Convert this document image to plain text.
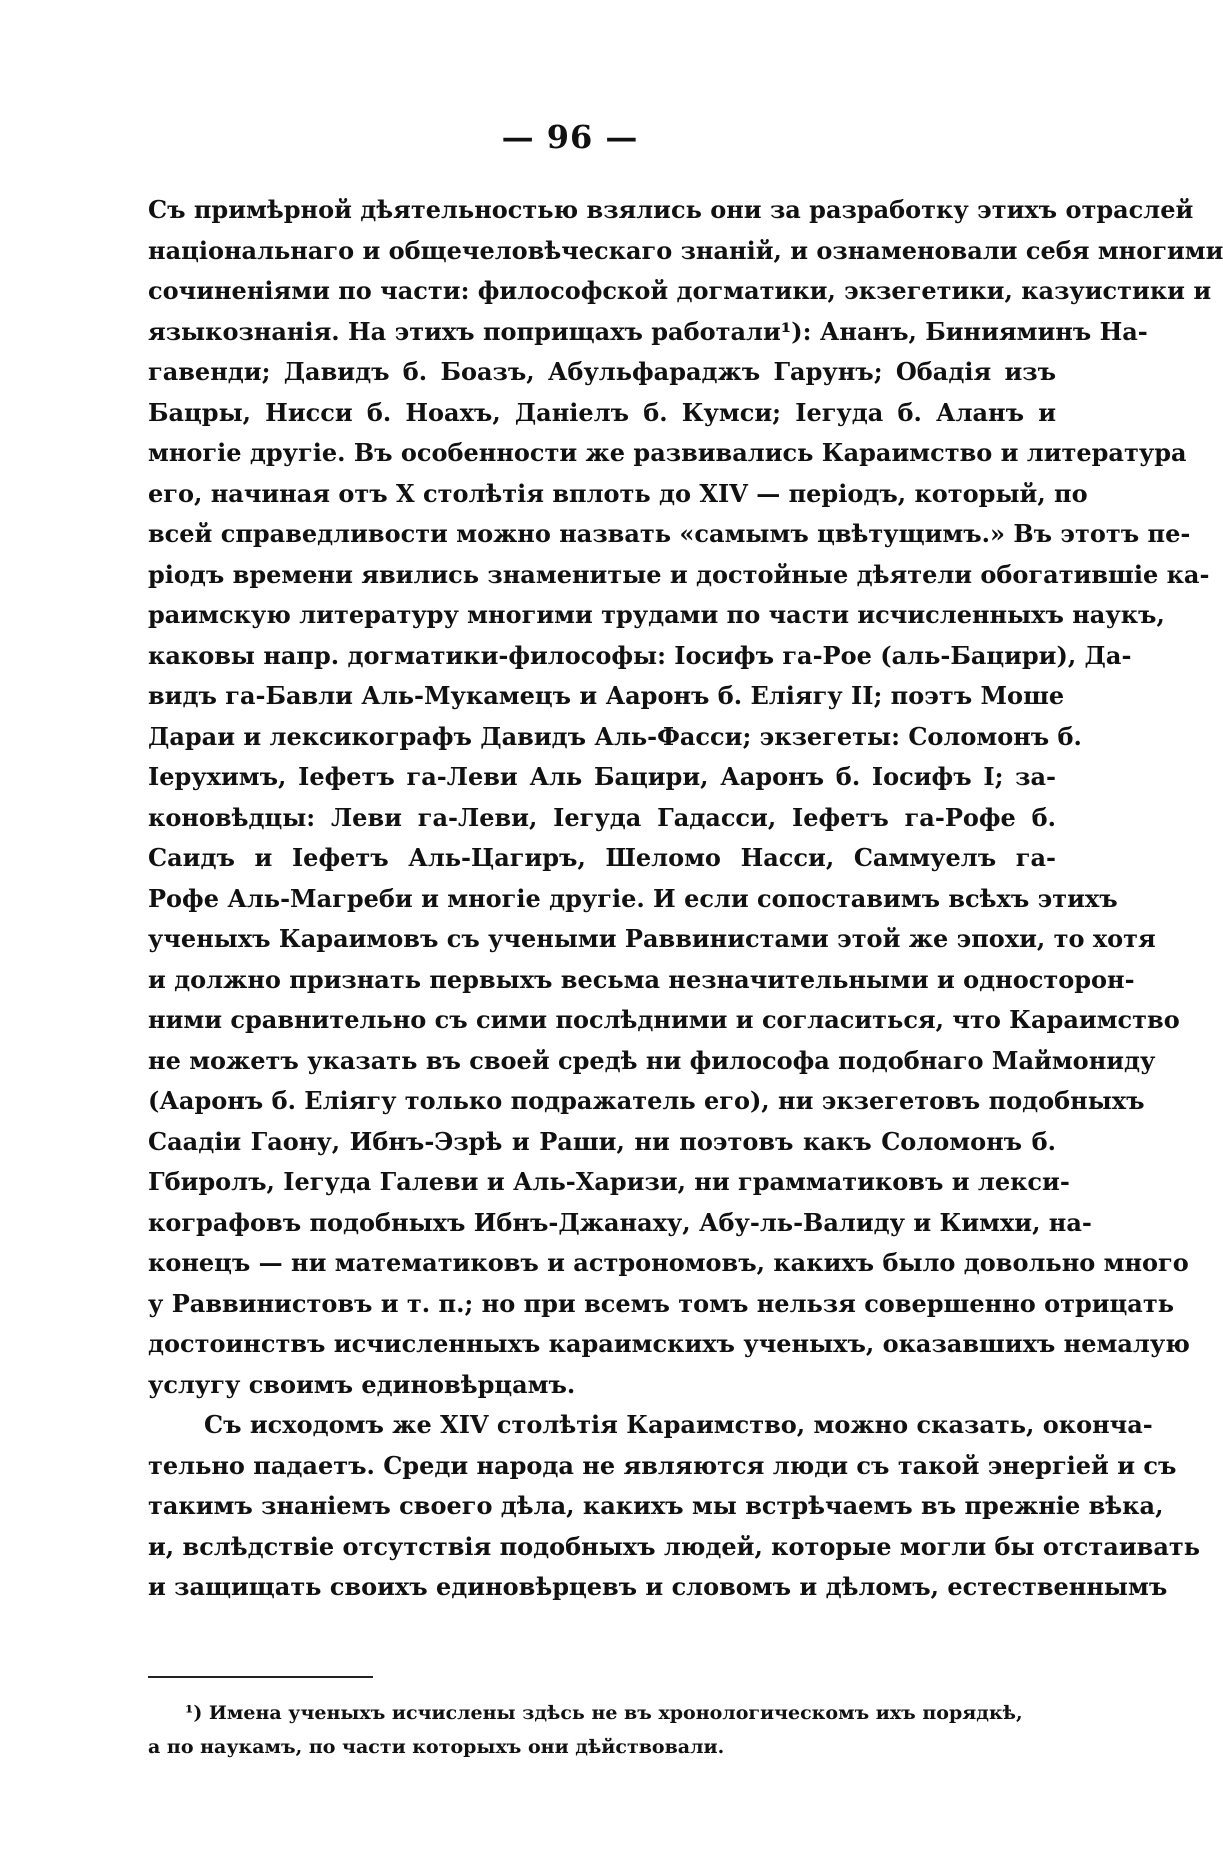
— 96 —
Съ примѣрной дѣятельностью взялись они за разработку этихъ отраслей
національнаго и общечеловѣческаго знаній, и ознаменовали себя многими
сочиненіями по части: философской догматики, экзегетики, казуистики и
языкознанія. На этихъ поприщахъ работали¹): Ананъ, Бинияминъ На-
гавенди; Давидъ б. Боазъ, Абульфараджъ Гарунъ; Обадія изъ
Бацры, Нисси б. Ноахъ, Даніелъ б. Кумси; Іегуда б. Аланъ и
многіе другіе. Въ особенности же развивались Караимство и литература
его, начиная отъ X столѣтія вплоть до XIV — періодъ, который, по
всей справедливости можно назвать «самымъ цвѣтущимъ.» Въ этотъ пе-
ріодъ времени явились знаменитые и достойные дѣятели обогатившіе ка-
раимскую литературу многими трудами по части исчисленныхъ наукъ,
каковы напр. догматики-философы: Іосифъ га-Рое (аль-Бацири), Да-
видъ га-Бавли Аль-Мукамецъ и Ааронъ б. Еліягу II; поэтъ Моше
Дараи и лексикографъ Давидъ Аль-Фасси; экзегеты: Соломонъ б.
Іерухимъ, Іефетъ га-Леви Аль Бацири, Ааронъ б. Іосифъ I; за-
коновѣдцы: Леви га-Леви, Іегуда Гадасси, Іефетъ га-Рофе б.
Саидъ и Іефетъ Аль-Цагиръ, Шеломо Насси, Саммуелъ га-
Рофе Аль-Магреби и многіе другіе. И если сопоставимъ всѣхъ этихъ
ученыхъ Караимовъ съ учеными Раввинистами этой же эпохи, то хотя
и должно признать первыхъ весьма незначительными и односторон-
ними сравнительно съ сими послѣдними и согласиться, что Караимство
не можетъ указать въ своей средѣ ни философа подобнаго Маймониду
(Ааронъ б. Еліягу только подражатель его), ни экзегетовъ подобныхъ
Саадіи Гаону, Ибнъ-Эзрѣ и Раши, ни поэтовъ какъ Соломонъ б.
Гбиролъ, Іегуда Галеви и Аль-Харизи, ни грамматиковъ и лекси-
кографовъ подобныхъ Ибнъ-Джанаху, Абу-ль-Валиду и Кимхи, на-
конецъ — ни математиковъ и астрономовъ, какихъ было довольно много
у Раввинистовъ и т. п.; но при всемъ томъ нельзя совершенно отрицать
достоинствъ исчисленныхъ караимскихъ ученыхъ, оказавшихъ немалую
услугу своимъ единовѣрцамъ.
Съ исходомъ же XIV столѣтія Караимство, можно сказать, оконча-
тельно падаетъ. Среди народа не являются люди съ такой энергіей и съ
такимъ знаніемъ своего дѣла, какихъ мы встрѣчаемъ въ прежніе вѣка,
и, вслѣдствіе отсутствія подобныхъ людей, которые могли бы отстаивать
и защищать своихъ единовѣрцевъ и словомъ и дѣломъ, естественнымъ
¹) Имена ученыхъ исчислены здѣсь не въ хронологическомъ ихъ порядкѣ,
а по наукамъ, по части которыхъ они дѣйствовали.
